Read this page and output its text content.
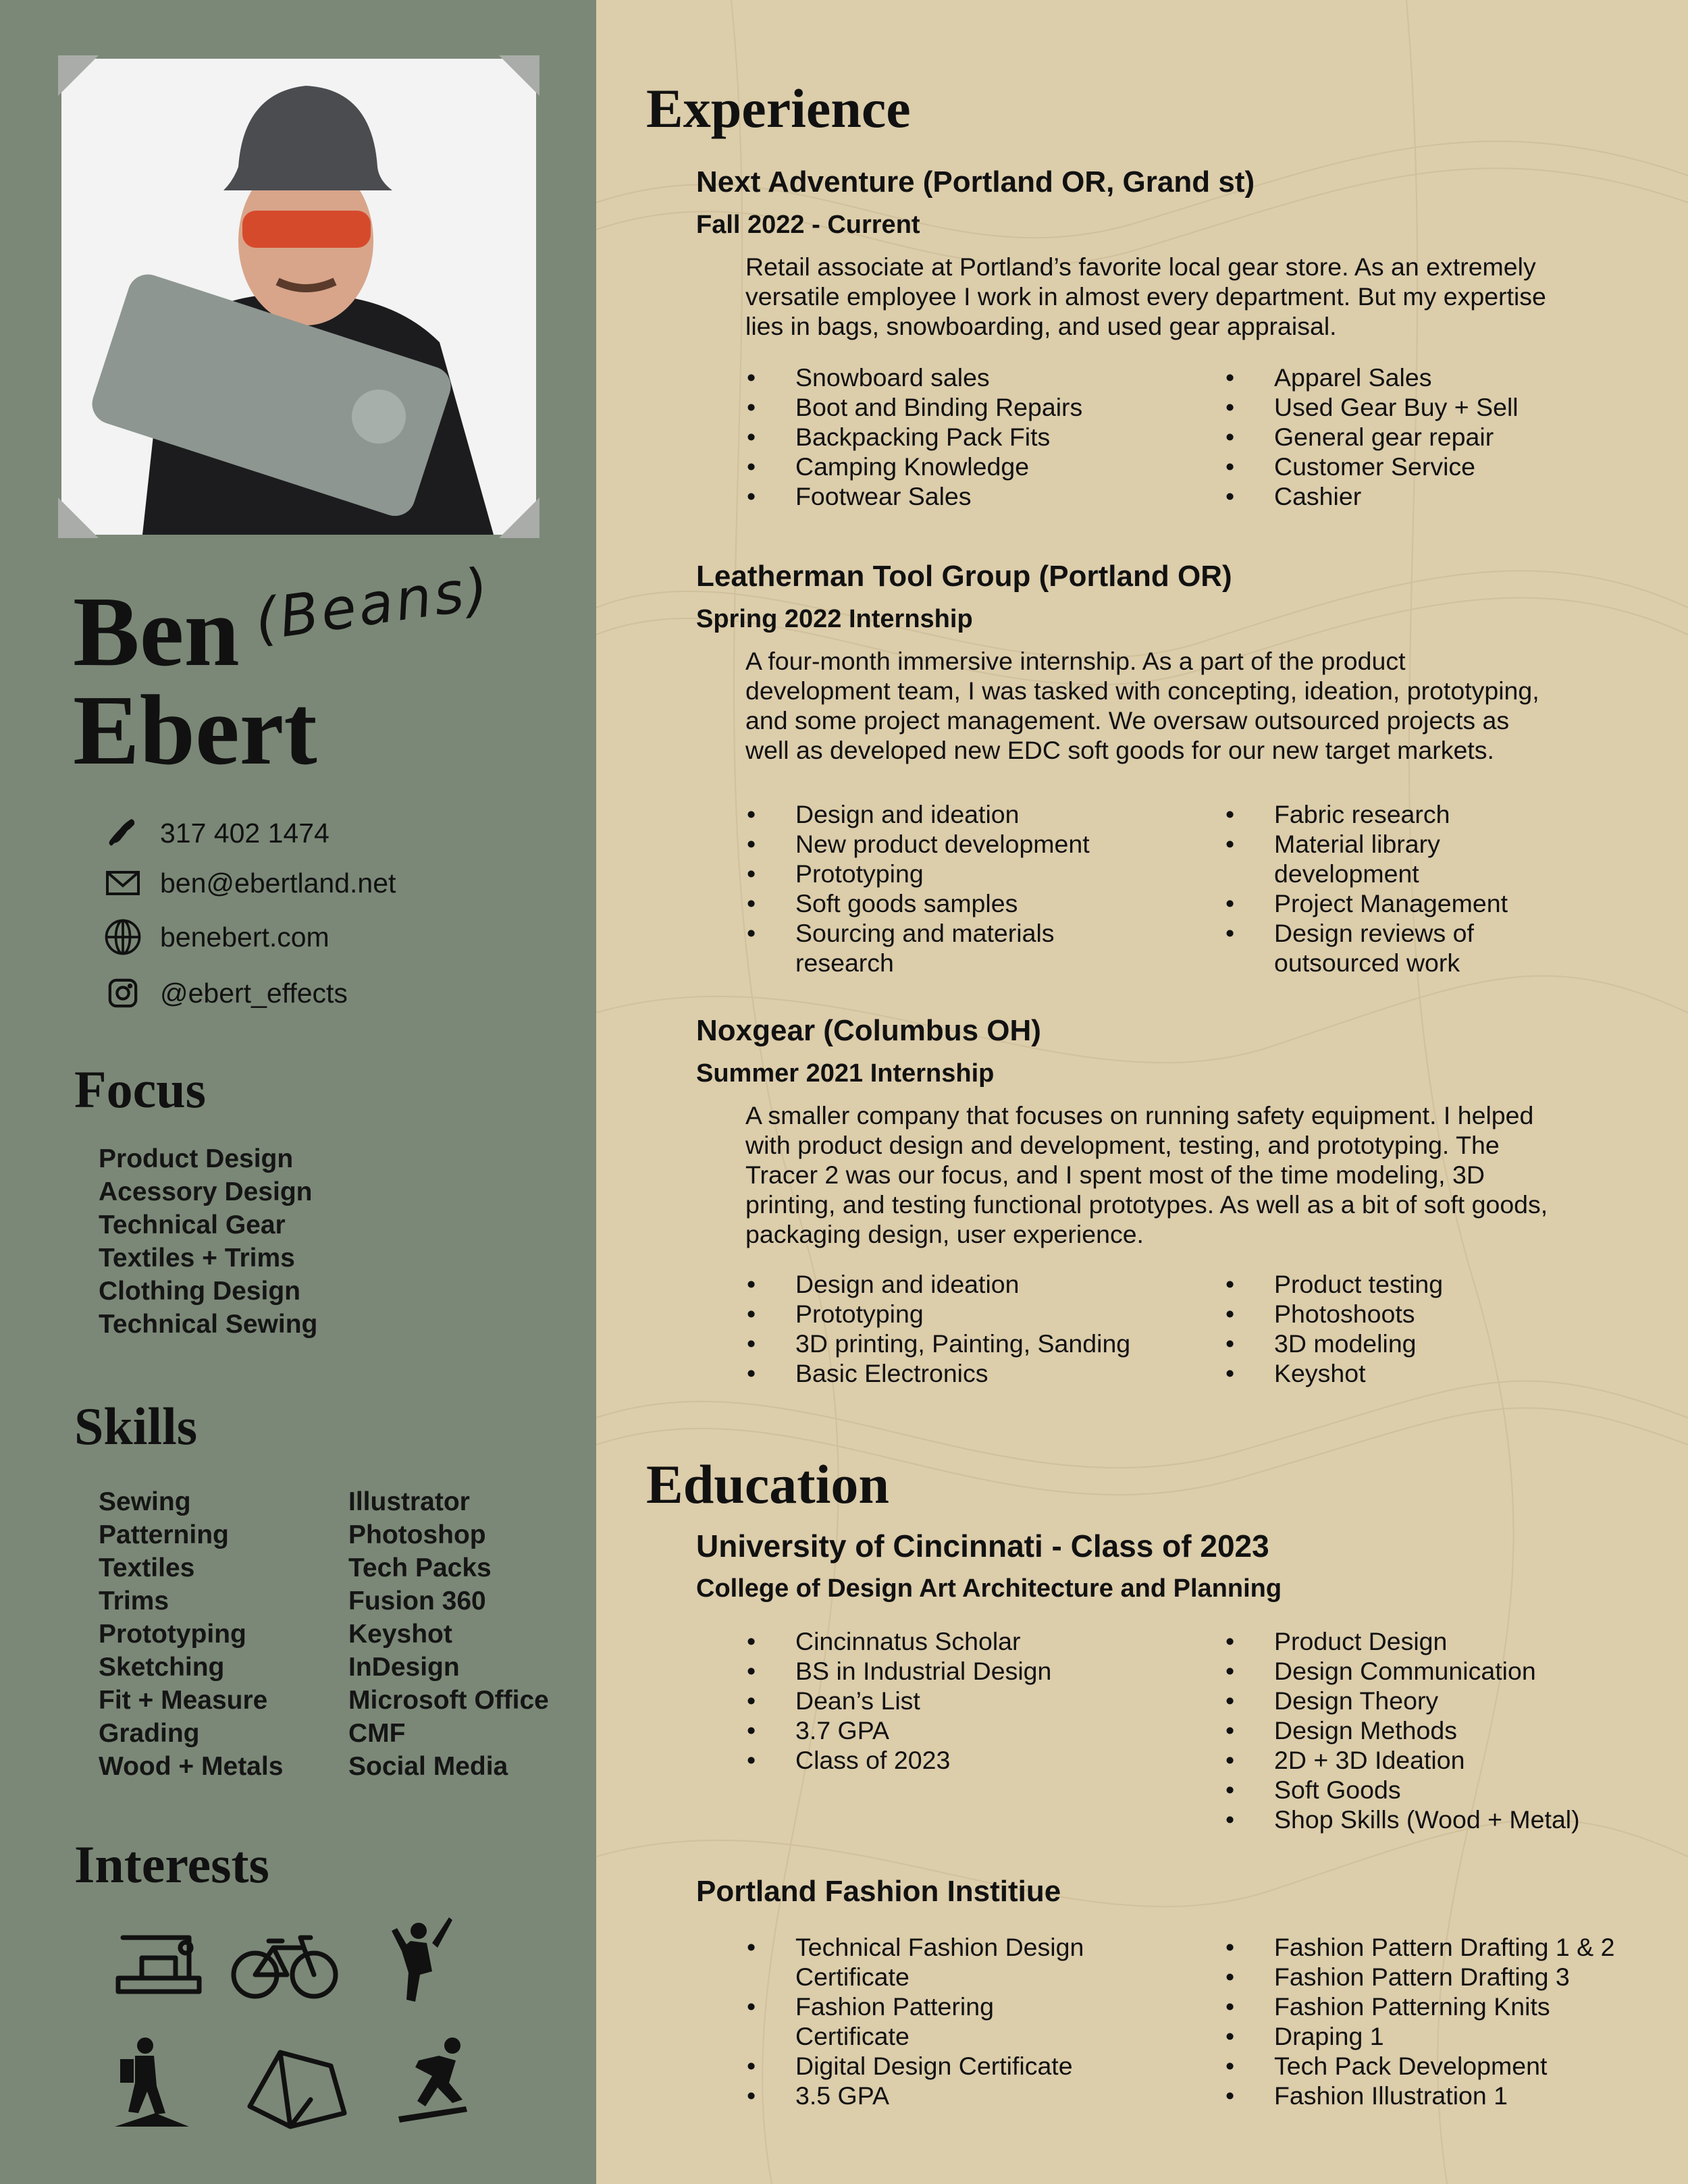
Ben
Ebert
(Beans)
317 402 1474
ben@ebertland.net
benebert.com
@ebert_effects
Focus
Product Design
Acessory Design
Technical Gear
Textiles + Trims
Clothing Design
Technical Sewing
Skills
Sewing
Patterning
Textiles
Trims
Prototyping
Sketching
Fit + Measure
Grading
Wood + Metals
Illustrator
Photoshop
Tech Packs
Fusion 360
Keyshot
InDesign
Microsoft Office
CMF
Social Media
Interests
Experience
Next Adventure (Portland OR, Grand st)
Fall 2022 - Current
Retail associate at Portland’s favorite local gear store. As an extremely
versatile employee I work in almost every department. But my expertise
lies in bags, snowboarding, and used gear appraisal.
• Snowboard sales
• Boot and Binding Repairs
• Backpacking Pack Fits
• Camping Knowledge
• Footwear Sales
• Apparel Sales
• Used Gear Buy + Sell
• General gear repair
• Customer Service
• Cashier
Leatherman Tool Group (Portland OR)
Spring 2022 Internship
A four-month immersive internship. As a part of the product
development team, I was tasked with concepting, ideation, prototyping,
and some project management. We oversaw outsourced projects as
well as developed new EDC soft goods for our new target markets.
• Design and ideation
• New product development
• Prototyping
• Soft goods samples
• Sourcing and materials
research
• Fabric research
• Material library
development
• Project Management
• Design reviews of
outsourced work
Noxgear (Columbus OH)
Summer 2021 Internship
A smaller company that focuses on running safety equipment. I helped
with product design and development, testing, and prototyping. The
Tracer 2 was our focus, and I spent most of the time modeling, 3D
printing, and testing functional prototypes. As well as a bit of soft goods,
packaging design, user experience.
• Design and ideation
• Prototyping
• 3D printing, Painting, Sanding
• Basic Electronics
• Product testing
• Photoshoots
• 3D modeling
• Keyshot
Education
University of Cincinnati - Class of 2023
College of Design Art Architecture and Planning
• Cincinnatus Scholar
• BS in Industrial Design
• Dean’s List
• 3.7 GPA
• Class of 2023
• Product Design
• Design Communication
• Design Theory
• Design Methods
• 2D + 3D Ideation
• Soft Goods
• Shop Skills (Wood + Metal)
Portland Fashion Institiue
• Technical Fashion Design
Certificate
• Fashion Pattering
Certificate
• Digital Design Certificate
• 3.5 GPA
• Fashion Pattern Drafting 1 & 2
• Fashion Pattern Drafting 3
• Fashion Patterning Knits
• Draping 1
• Tech Pack Development
• Fashion Illustration 1
